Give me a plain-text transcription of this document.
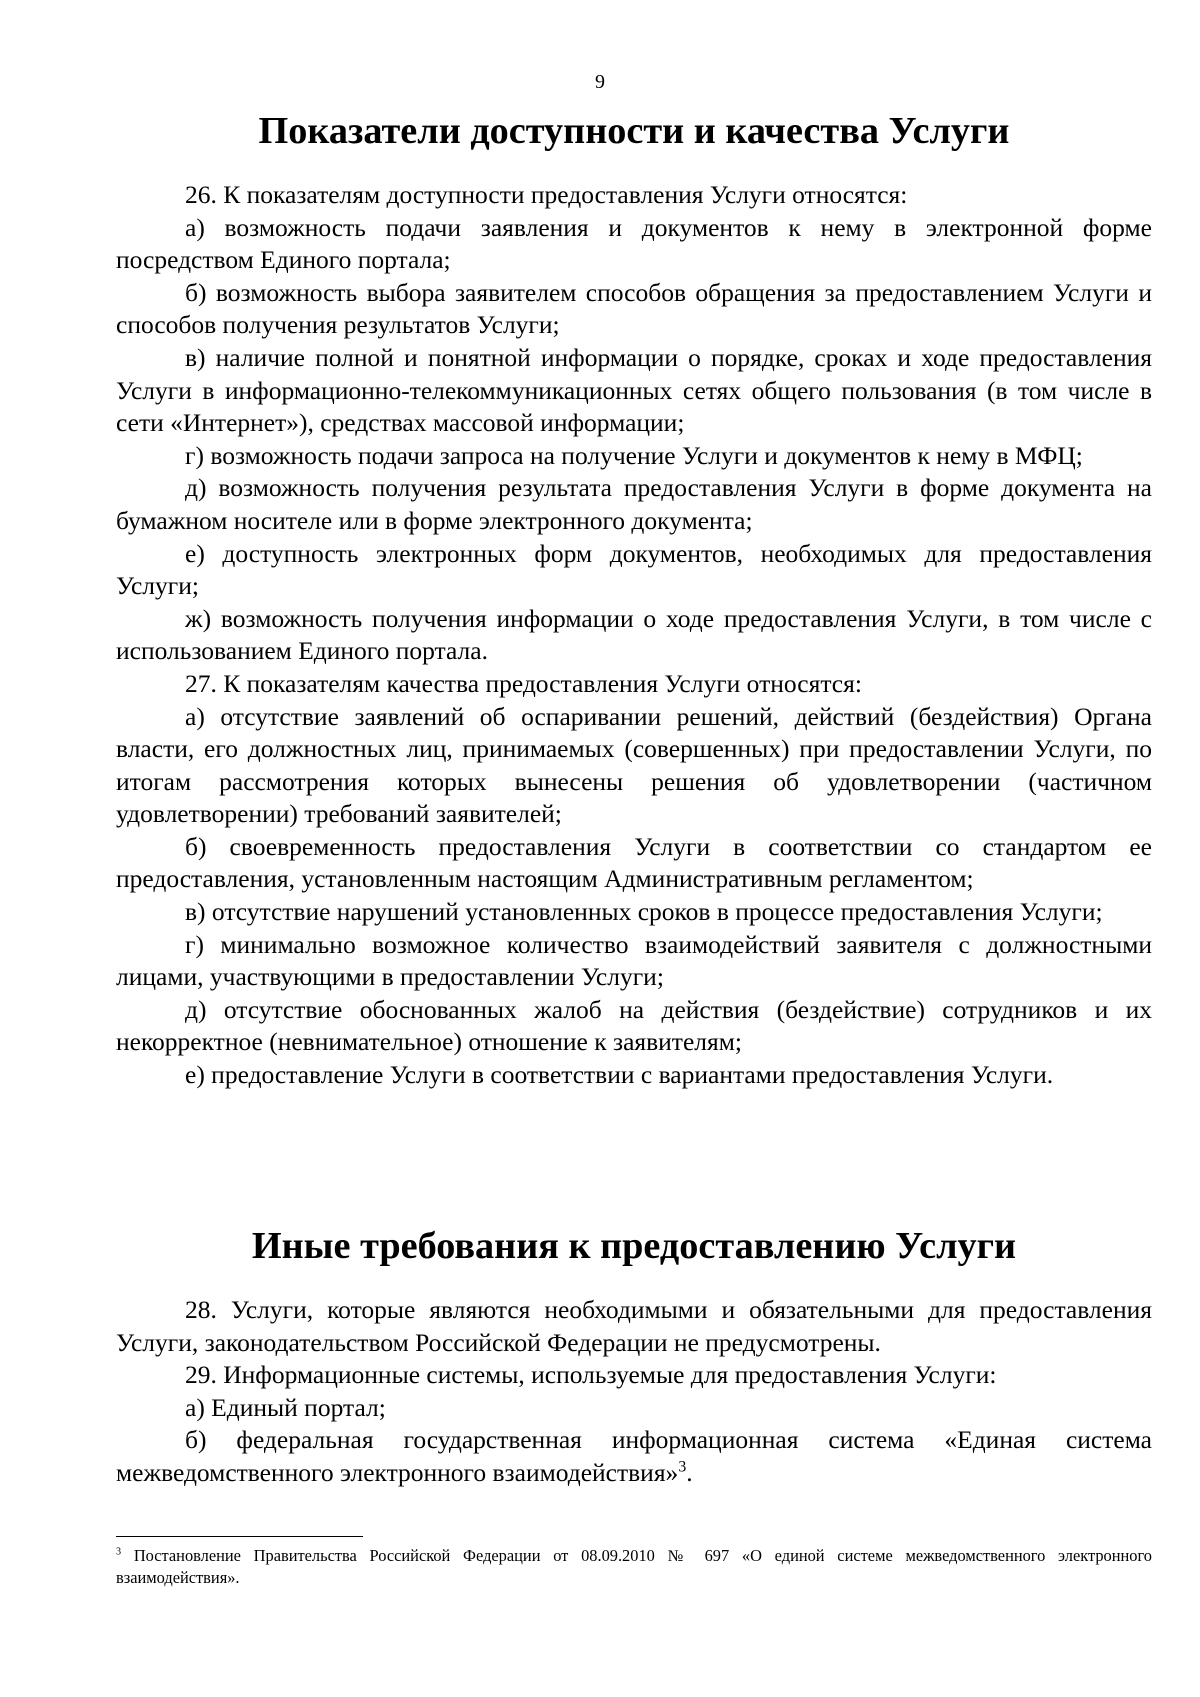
9
Показатели доступности и качества Услуги

26. К показателям доступности предоставления Услуги относятся:

а) возможность подачи заявления и документов к нему в электронной форме посредством Единого портала;

б) возможность выбора заявителем способов обращения за предоставлением Услуги и способов получения результатов Услуги;

в) наличие полной и понятной информации о порядке, сроках и ходе предоставления Услуги в информационно-телекоммуникационных сетях общего пользования (в том числе в сети «Интернет»), средствах массовой информации;

г) возможность подачи запроса на получение Услуги и документов к нему в МФЦ;

д) возможность получения результата предоставления Услуги в форме документа на бумажном носителе или в форме электронного документа;

е) доступность электронных форм документов, необходимых для предоставления Услуги;

ж) возможность получения информации о ходе предоставления Услуги, в том числе с использованием Единого портала.

27. К показателям качества предоставления Услуги относятся:

а) отсутствие заявлений об оспаривании решений, действий (бездействия) Органа власти, его должностных лиц, принимаемых (совершенных) при предоставлении Услуги, по итогам рассмотрения которых вынесены решения об удовлетворении (частичном удовлетворении) требований заявителей;

б) своевременность предоставления Услуги в соответствии со стандартом ее предоставления, установленным настоящим Административным регламентом;

в) отсутствие нарушений установленных сроков в процессе предоставления Услуги;

г) минимально возможное количество взаимодействий заявителя с должностными лицами, участвующими в предоставлении Услуги;

д) отсутствие обоснованных жалоб на действия (бездействие) сотрудников и их некорректное (невнимательное) отношение к заявителям;

е) предоставление Услуги в соответствии с вариантами предоставления Услуги.

Иные требования к предоставлению Услуги

28. Услуги, которые являются необходимыми и обязательными для предоставления Услуги, законодательством Российской Федерации не предусмотрены.

29. Информационные системы, используемые для предоставления Услуги:

а) Единый портал;

б) федеральная государственная информационная система «Единая система межведомственного электронного взаимодействия»$^3$.

$^3$ Постановление Правительства Российской Федерации от 08.09.2010 № 697 «О единой системе межведомственного электронного взаимодействия».
